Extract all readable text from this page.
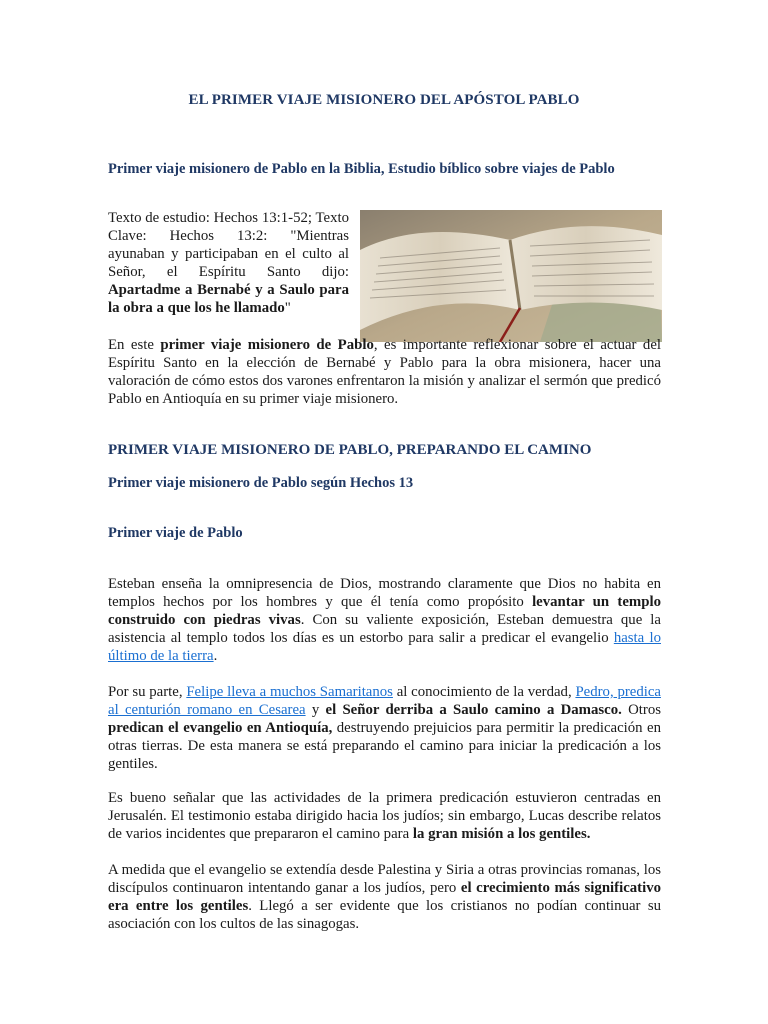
EL PRIMER VIAJE MISIONERO DEL APÓSTOL PABLO
Primer viaje misionero de Pablo en la Biblia, Estudio bíblico sobre viajes de Pablo
Texto de estudio: Hechos 13:1-52; Texto Clave: Hechos 13:2: "Mientras ayunaban y participaban en el culto al Señor, el Espíritu Santo dijo: Apartadme a Bernabé y a Saulo para la obra a que los he llamado"
En este primer viaje misionero de Pablo, es importante reflexionar sobre el actuar del Espíritu Santo en la elección de Bernabé y Pablo para la obra misionera, hacer una valoración de cómo estos dos varones enfrentaron la misión y analizar el sermón que predicó Pablo en Antioquía en su primer viaje misionero.
PRIMER VIAJE MISIONERO DE PABLO, PREPARANDO EL CAMINO
Primer viaje misionero de Pablo según Hechos 13
Primer viaje de Pablo
Esteban enseña la omnipresencia de Dios, mostrando claramente que Dios no habita en templos hechos por los hombres y que él tenía como propósito levantar un templo construido con piedras vivas. Con su valiente exposición, Esteban demuestra que la asistencia al templo todos los días es un estorbo para salir a predicar el evangelio hasta lo último de la tierra.
Por su parte, Felipe lleva a muchos Samaritanos al conocimiento de la verdad, Pedro, predica al centurión romano en Cesarea y el Señor derriba a Saulo camino a Damasco. Otros predican el evangelio en Antioquía, destruyendo prejuicios para permitir la predicación en otras tierras. De esta manera se está preparando el camino para iniciar la predicación a los gentiles.
Es bueno señalar que las actividades de la primera predicación estuvieron centradas en Jerusalén. El testimonio estaba dirigido hacia los judíos; sin embargo, Lucas describe relatos de varios incidentes que prepararon el camino para la gran misión a los gentiles.
A medida que el evangelio se extendía desde Palestina y Siria a otras provincias romanas, los discípulos continuaron intentando ganar a los judíos, pero el crecimiento más significativo era entre los gentiles. Llegó a ser evidente que los cristianos no podían continuar su asociación con los cultos de las sinagogas.
